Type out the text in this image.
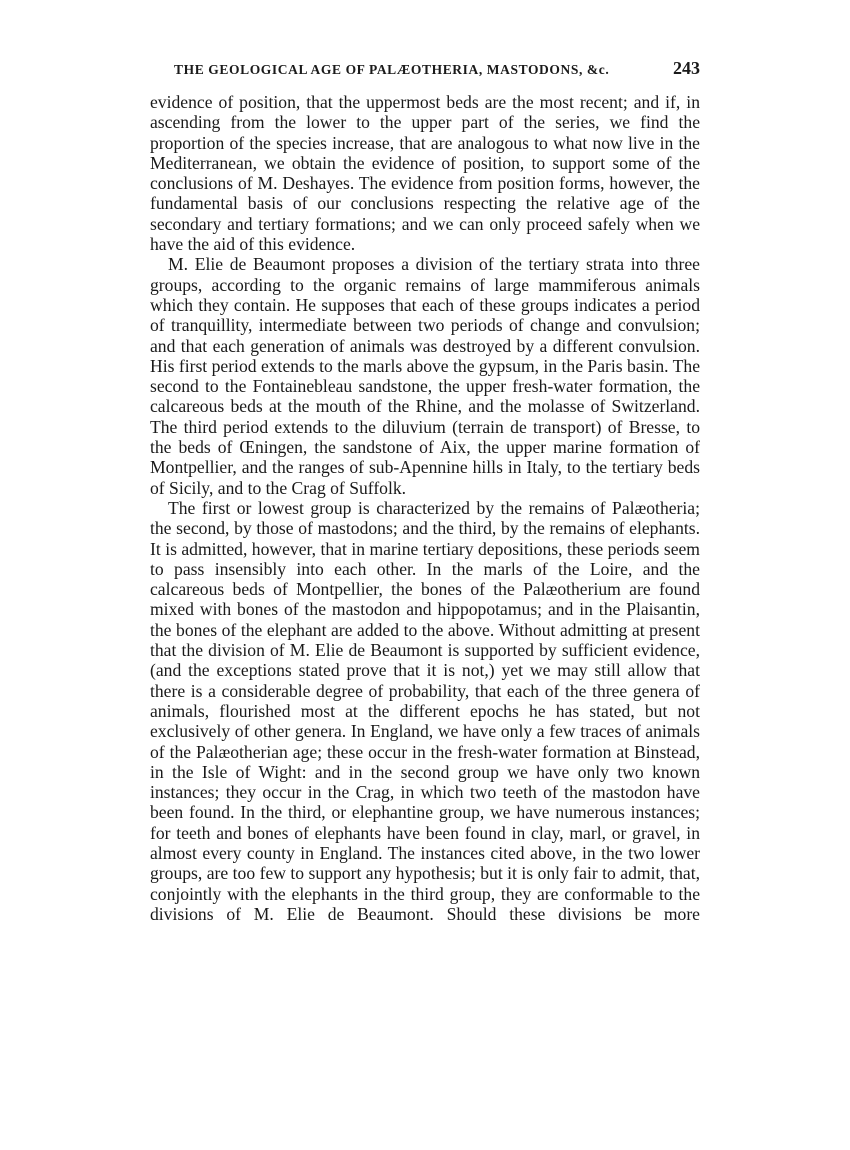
THE GEOLOGICAL AGE OF PALÆOTHERIA, MASTODONS, &c.	243

evidence of position, that the uppermost beds are the most recent; and if, in ascending from the lower to the upper part of the series, we find the proportion of the species increase, that are analogous to what now live in the Mediterranean, we obtain the evidence of position, to support some of the conclusions of M. Deshayes. The evidence from position forms, however, the fundamental basis of our conclusions respecting the relative age of the secondary and tertiary formations; and we can only proceed safely when we have the aid of this evidence.

M. Elie de Beaumont proposes a division of the tertiary strata into three groups, according to the organic remains of large mammiferous animals which they contain. He supposes that each of these groups indicates a period of tranquillity, intermediate between two periods of change and convulsion; and that each generation of animals was destroyed by a different convulsion. His first period extends to the marls above the gypsum, in the Paris basin. The second to the Fontainebleau sandstone, the upper fresh-water formation, the calcareous beds at the mouth of the Rhine, and the molasse of Switzerland. The third period extends to the diluvium (terrain de transport) of Bresse, to the beds of Œningen, the sandstone of Aix, the upper marine formation of Montpellier, and the ranges of sub-Apennine hills in Italy, to the tertiary beds of Sicily, and to the Crag of Suffolk.

The first or lowest group is characterized by the remains of Palæotheria; the second, by those of mastodons; and the third, by the remains of elephants. It is admitted, however, that in marine tertiary depositions, these periods seem to pass insensibly into each other. In the marls of the Loire, and the calcareous beds of Montpellier, the bones of the Palæotherium are found mixed with bones of the mastodon and hippopotamus; and in the Plaisantin, the bones of the elephant are added to the above. Without admitting at present that the division of M. Elie de Beaumont is supported by sufficient evidence, (and the exceptions stated prove that it is not,) yet we may still allow that there is a considerable degree of probability, that each of the three genera of animals, flourished most at the different epochs he has stated, but not exclusively of other genera. In England, we have only a few traces of animals of the Palæotherian age; these occur in the fresh-water formation at Binstead, in the Isle of Wight: and in the second group we have only two known instances; they occur in the Crag, in which two teeth of the mastodon have been found. In the third, or elephantine group, we have numerous instances; for teeth and bones of elephants have been found in clay, marl, or gravel, in almost every county in England. The instances cited above, in the two lower groups, are too few to support any hypothesis; but it is only fair to admit, that, conjointly with the elephants in the third group, they are conformable to the divisions of M. Elie de Beaumont. Should these divisions be more
